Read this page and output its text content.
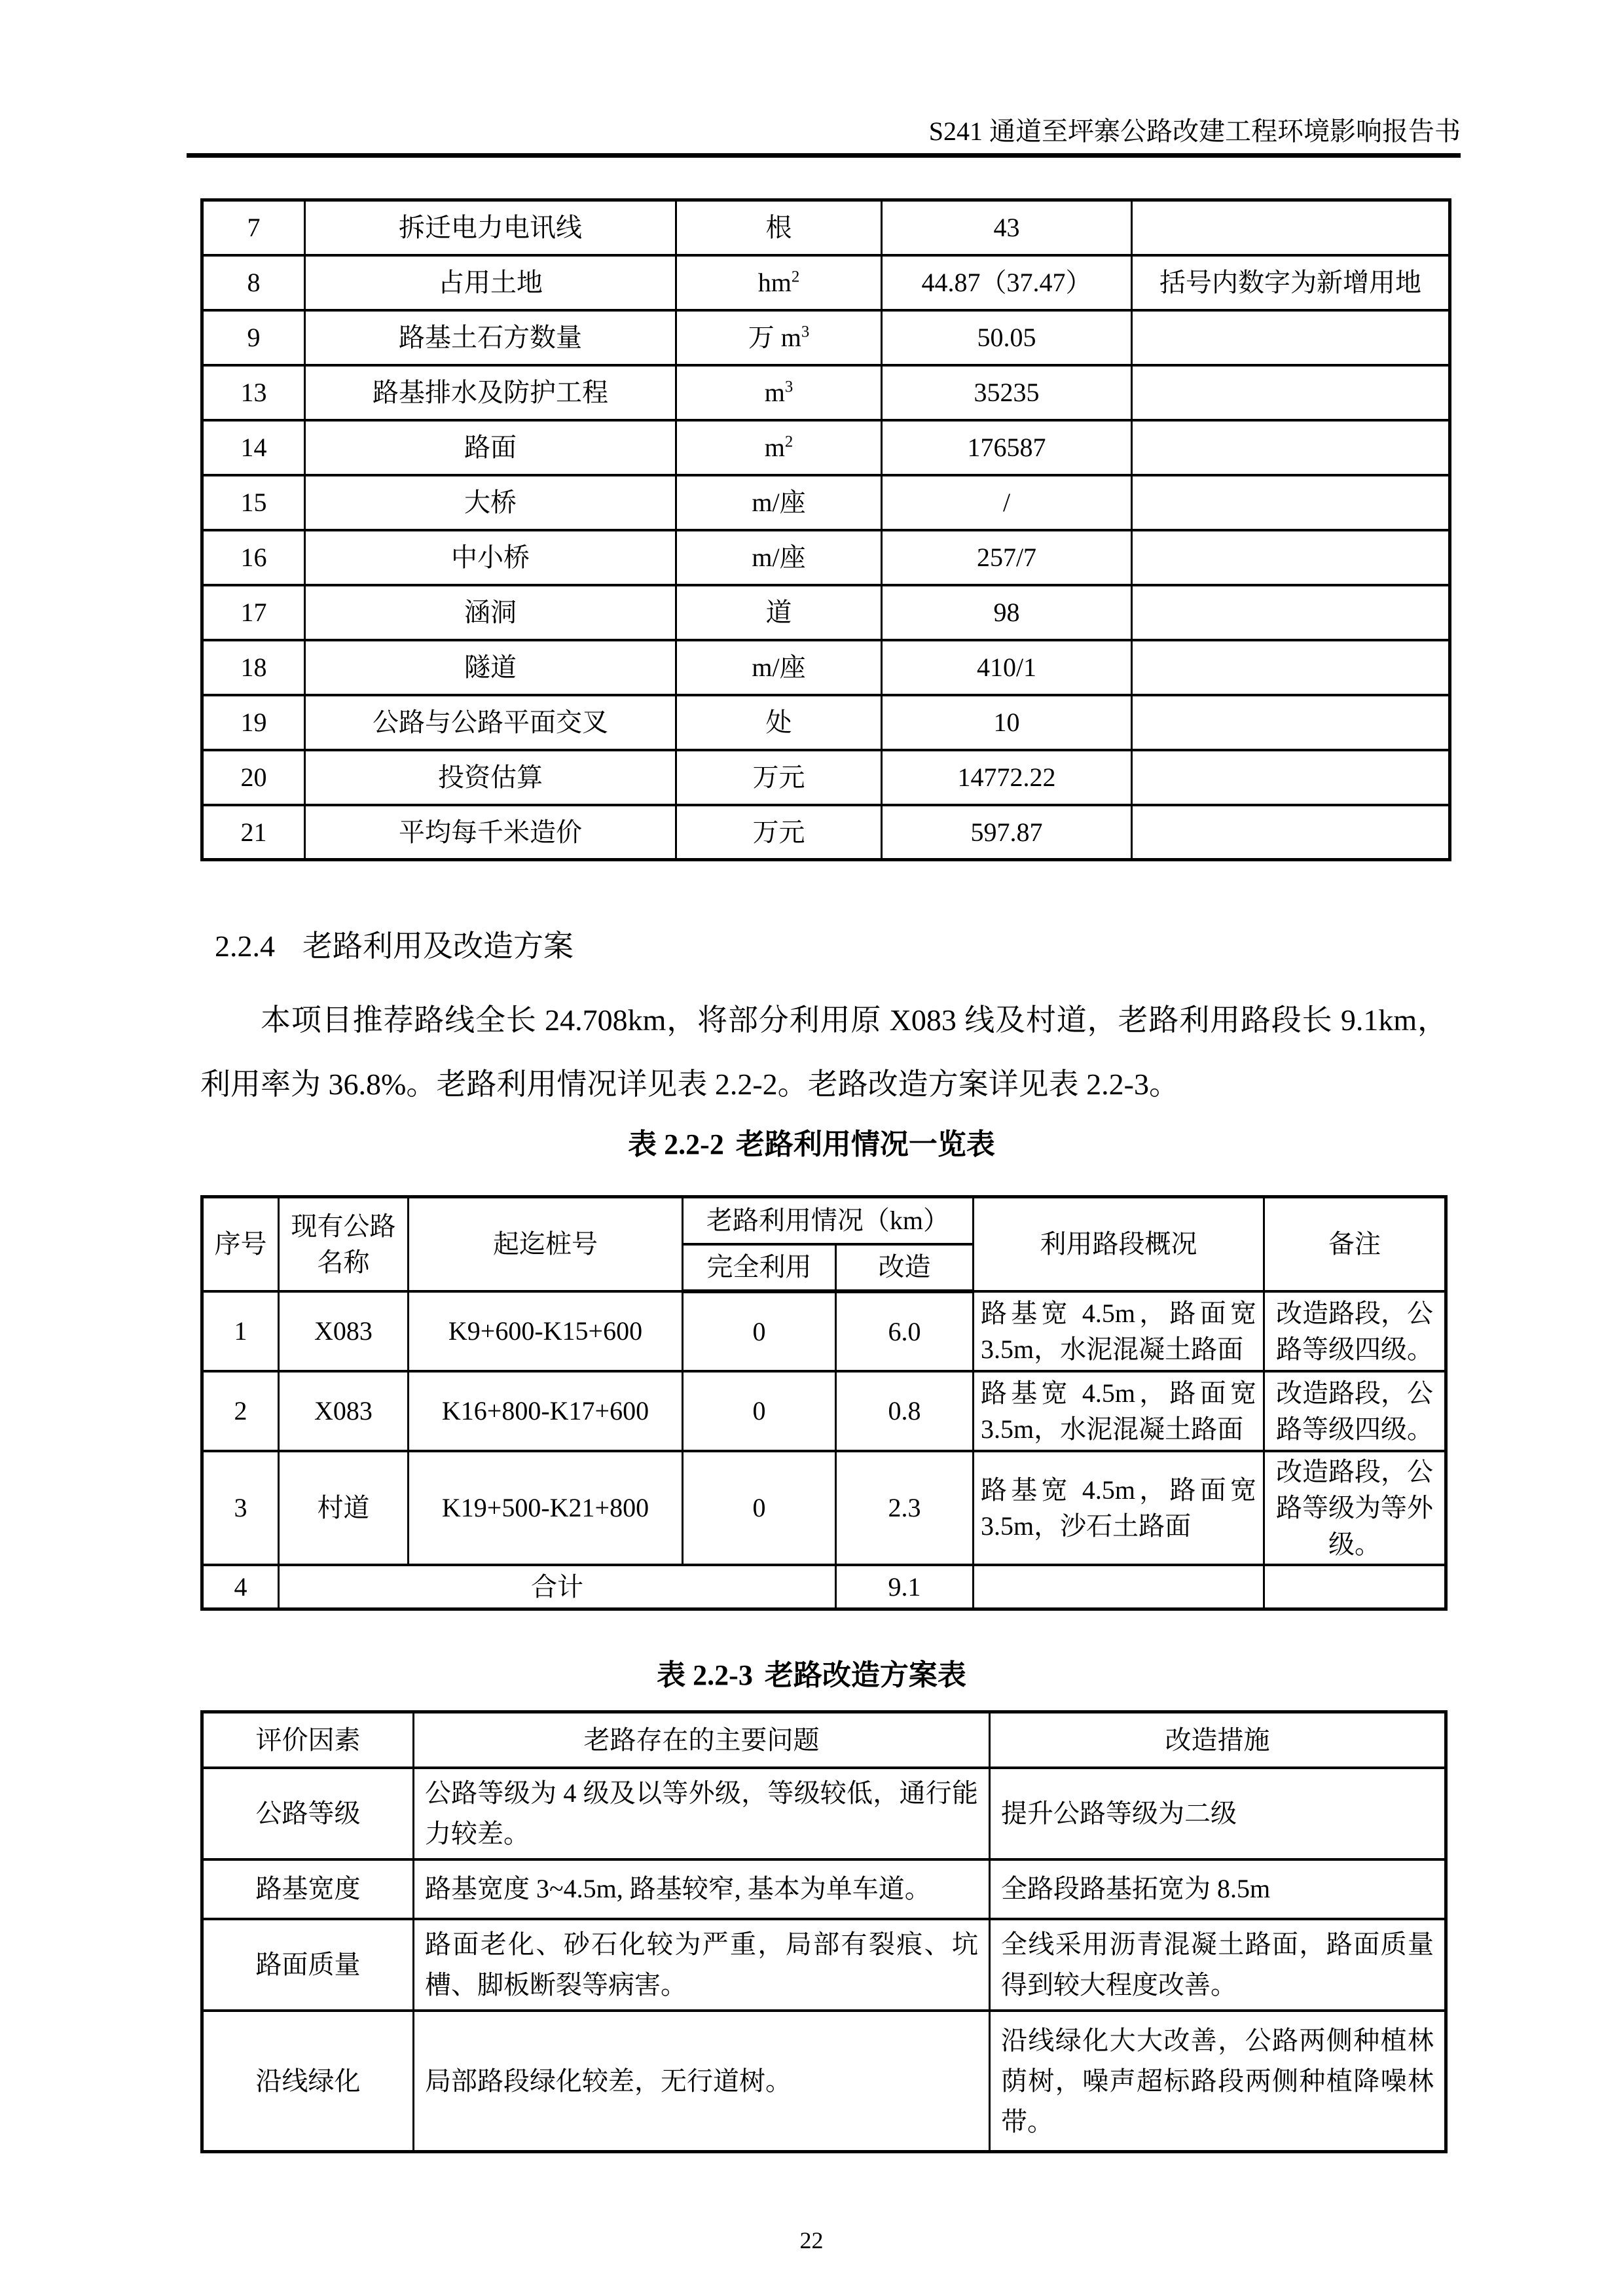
S241 通道至坪寨公路改建工程环境影响报告书
7	拆迁电力电讯线	根	43	
8	占用土地	$hm^2$	44.87（37.47）	括号内数字为新增用地
9	路基土石方数量	万 $m^3$	50.05	
13	路基排水及防护工程	$m^3$	35235	
14	路面	$m^2$	176587	
15	大桥	m/座	/	
16	中小桥	m/座	257/7	
17	涵洞	道	98	
18	隧道	m/座	410/1	
19	公路与公路平面交叉	处	10	
20	投资估算	万元	14772.22	
21	平均每千米造价	万元	597.87	
2.2.4 老路利用及改造方案

本项目推荐路线全长 24.708km，将部分利用原 X083 线及村道，老路利用路段长 9.1km，利用率为 36.8%。老路利用情况详见表 2.2-2。老路改造方案详见表 2.2-3。

表 2.2-2 老路利用情况一览表
序号	现有公路名称	起迄桩号	老路利用情况（km）		利用路段概况	备注
			完全利用	改造		
1	X083	K9+600-K15+600	0	6.0	路基宽 4.5m，路面宽 3.5m，水泥混凝土路面	改造路段，公路等级四级。
2	X083	K16+800-K17+600	0	0.8	路基宽 4.5m，路面宽 3.5m，水泥混凝土路面	改造路段，公路等级四级。
3	村道	K19+500-K21+800	0	2.3	路基宽 4.5m，路面宽 3.5m，沙石土路面	改造路段，公路等级为等外级。
4	合计			9.1		
表 2.2-3 老路改造方案表
评价因素	老路存在的主要问题	改造措施
公路等级	公路等级为 4 级及以等外级，等级较低，通行能力较差。	提升公路等级为二级
路基宽度	路基宽度 3~4.5m, 路基较窄, 基本为单车道。	全路段路基拓宽为 8.5m
路面质量	路面老化、砂石化较为严重，局部有裂痕、坑槽、脚板断裂等病害。	全线采用沥青混凝土路面，路面质量得到较大程度改善。
沿线绿化	局部路段绿化较差，无行道树。	沿线绿化大大改善，公路两侧种植林荫树，噪声超标路段两侧种植降噪林带。
22
